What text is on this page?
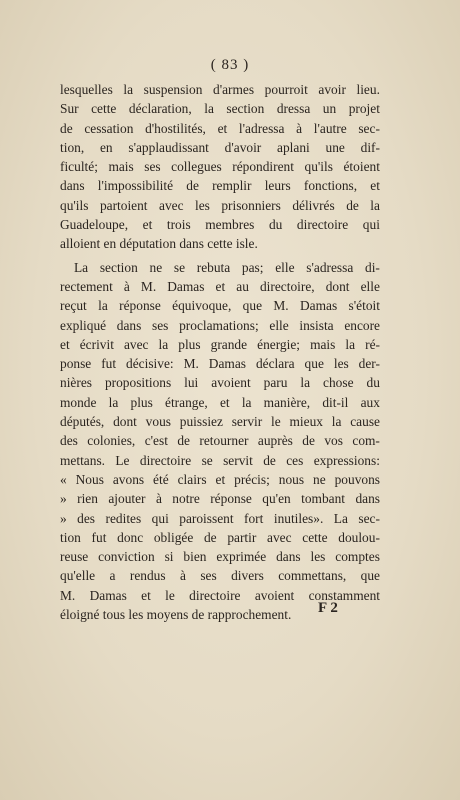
( 83 )
lesquelles la suspension d'armes pourroit avoir lieu.
Sur cette déclaration, la section dressa un projet
de cessation d'hostilités, et l'adressa à l'autre sec-
tion, en s'applaudissant d'avoir aplani une dif-
ficulté; mais ses collegues répondirent qu'ils étoient
dans l'impossibilité de remplir leurs fonctions, et
qu'ils partoient avec les prisonniers délivrés de la
Guadeloupe, et trois membres du directoire qui
alloient en députation dans cette isle.
La section ne se rebuta pas; elle s'adressa di-
rectement à M. Damas et au directoire, dont elle
reçut la réponse équivoque, que M. Damas s'étoit
expliqué dans ses proclamations; elle insista encore
et écrivit avec la plus grande énergie; mais la ré-
ponse fut décisive: M. Damas déclara que les der-
nières propositions lui avoient paru la chose du
monde la plus étrange, et la manière, dit-il aux
députés, dont vous puissiez servir le mieux la cause
des colonies, c'est de retourner auprès de vos com-
mettans. Le directoire se servit de ces expressions:
« Nous avons été clairs et précis; nous ne pouvons
» rien ajouter à notre réponse qu'en tombant dans
» des redites qui paroissent fort inutiles». La sec-
tion fut donc obligée de partir avec cette doulou-
reuse conviction si bien exprimée dans les comptes
qu'elle a rendus à ses divers commettans, que
M. Damas et le directoire avoient constamment
éloigné tous les moyens de rapprochement.	F 2
